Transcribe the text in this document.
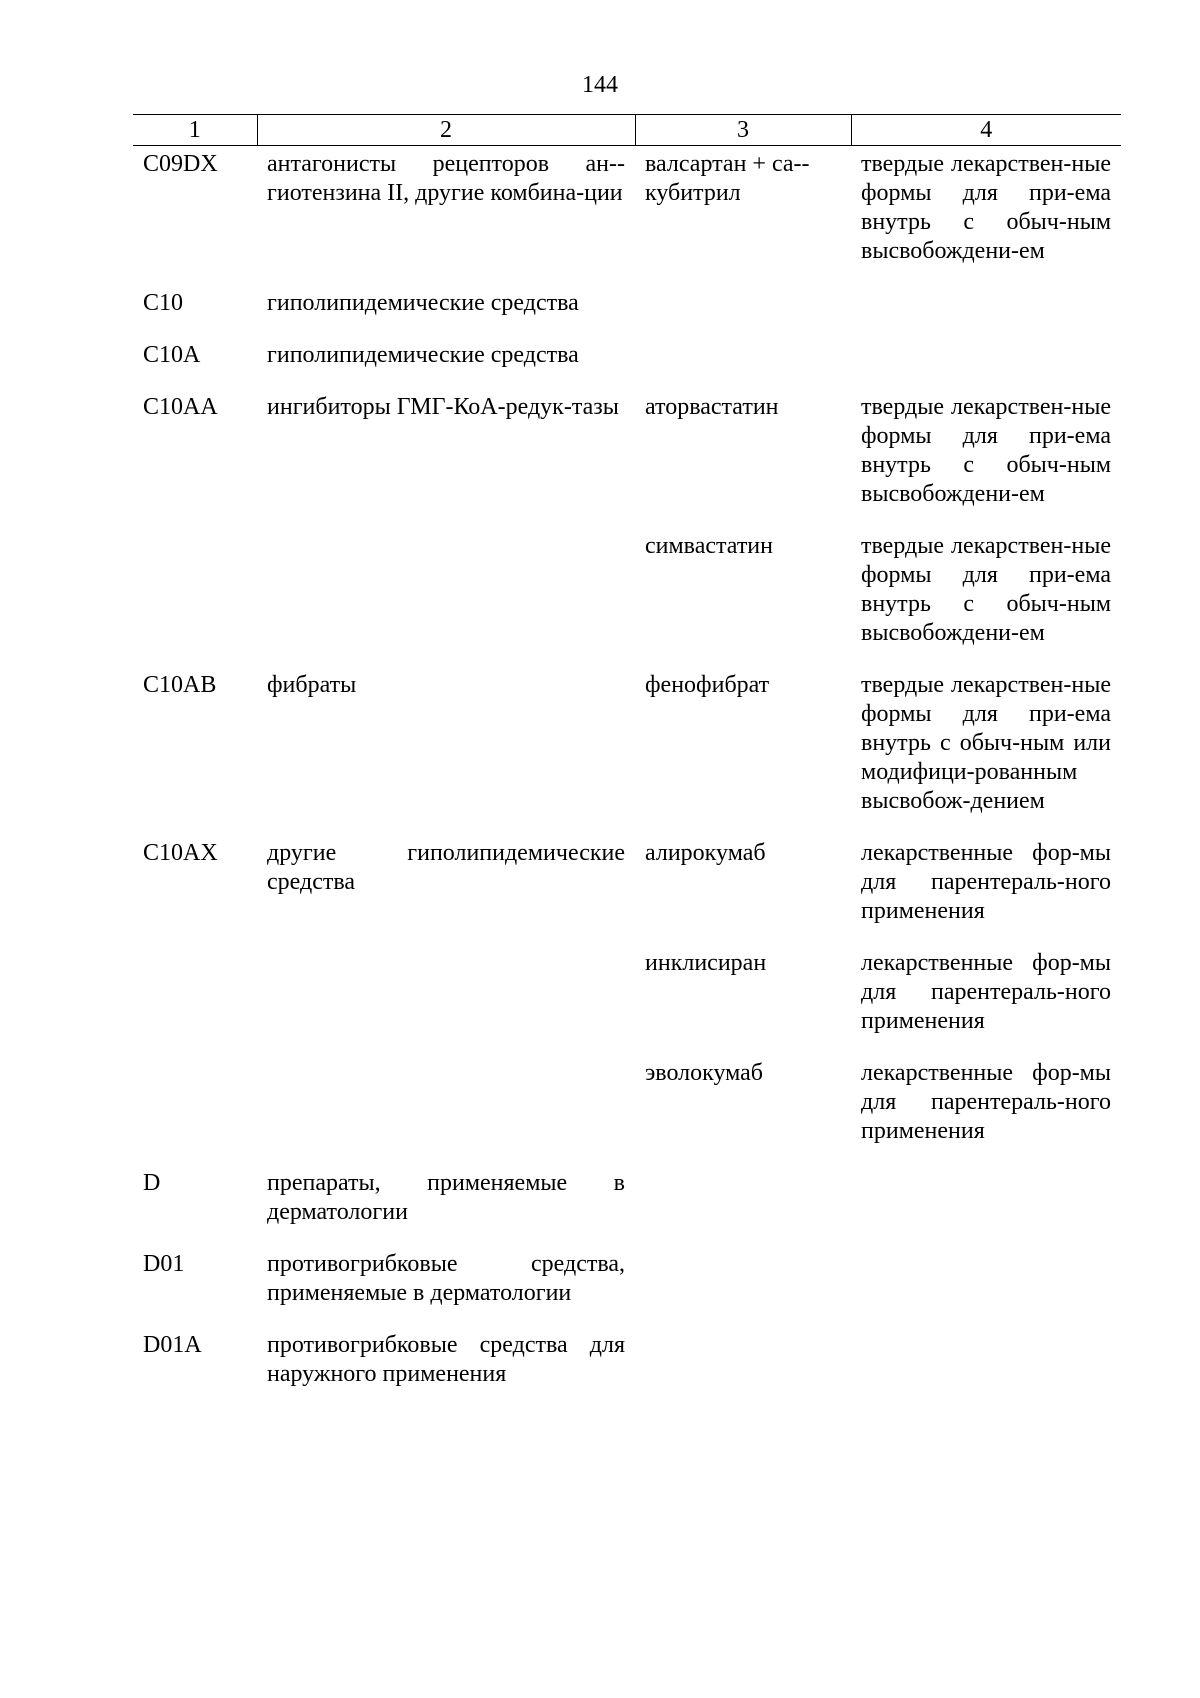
144
1	2	3	4
C09DX	антагонисты рецепторов ан-гиотензина II, другие комбина-ции	валсартан + са-кубитрил	твердые лекарствен-ные формы для при-ема внутрь с обыч-ным высвобождени-ем
C10	гиполипидемические средства		
C10A	гиполипидемические средства		
C10AA	ингибиторы ГМГ-КоА-редук-тазы	аторвастатин	твердые лекарствен-ные формы для при-ема внутрь с обыч-ным высвобождени-ем
		симвастатин	твердые лекарствен-ные формы для при-ема внутрь с обыч-ным высвобождени-ем
C10AB	фибраты	фенофибрат	твердые лекарствен-ные формы для при-ема внутрь с обыч-ным или модифици-рованным высвобож-дением
C10AX	другие гиполипидемические средства	алирокумаб	лекарственные фор-мы для парентераль-ного применения
		инклисиран	лекарственные фор-мы для парентераль-ного применения
		эволокумаб	лекарственные фор-мы для парентераль-ного применения
D	препараты, применяемые в дерматологии		
D01	противогрибковые средства, применяемые в дерматологии		
D01A	противогрибковые средства для наружного применения		
